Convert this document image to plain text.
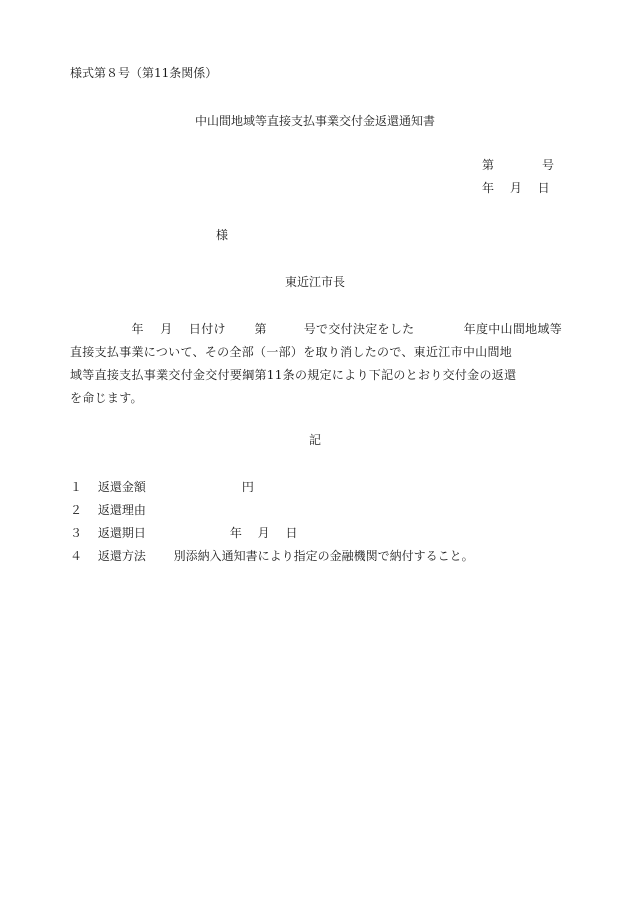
様式第８号（第11条関係）
中山間地域等直接支払事業交付金返還通知書
第　　　　号
年　 月　 日
様
東近江市長
　　　　　年　 月　 日付け　　 第　　　号で交付決定をした　　　　年度中山間地域等
直接支払事業について、その全部（一部）を取り消したので、東近江市中山間地
域等直接支払事業交付金交付要綱第11条の規定により下記のとおり交付金の返還
を命じます。
記
１　 返還金額　　　　　　　　円
２　 返還理由
３　 返還期日　　　　　　　年　 月　 日
４　 返還方法　　 別添納入通知書により指定の金融機関で納付すること。
